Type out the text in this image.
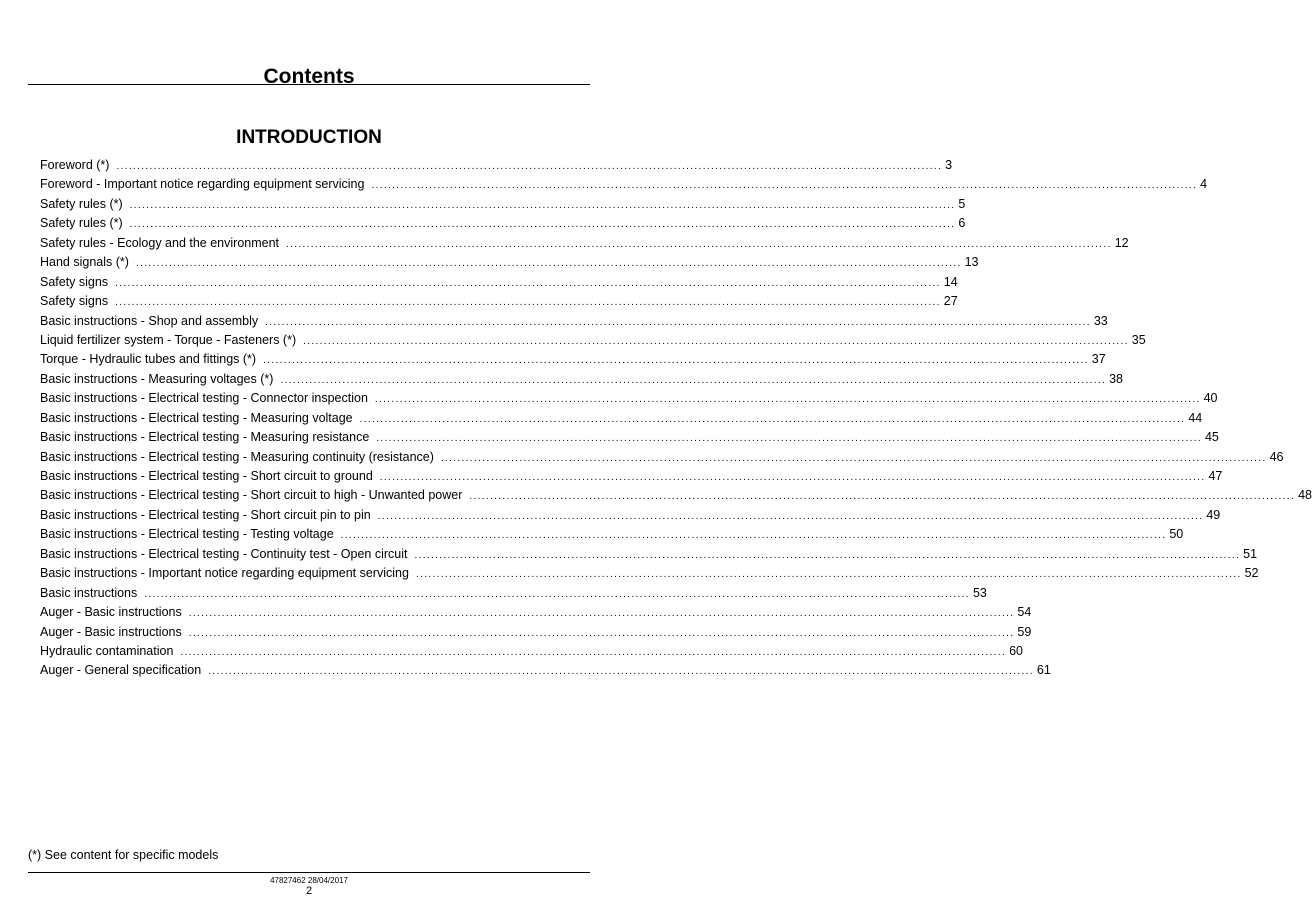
Contents
INTRODUCTION
Foreword (*) ........................................................................................................................................................................................................ 3
Foreword - Important notice regarding equipment servicing ........................................................................................................................................................................................................ 4
Safety rules (*) ........................................................................................................................................................................................................ 5
Safety rules (*) ........................................................................................................................................................................................................ 6
Safety rules - Ecology and the environment ........................................................................................................................................................................................................ 12
Hand signals (*) ........................................................................................................................................................................................................ 13
Safety signs ........................................................................................................................................................................................................ 14
Safety signs ........................................................................................................................................................................................................ 27
Basic instructions - Shop and assembly ........................................................................................................................................................................................................ 33
Liquid fertilizer system - Torque - Fasteners (*) ........................................................................................................................................................................................................ 35
Torque - Hydraulic tubes and fittings (*) ........................................................................................................................................................................................................ 37
Basic instructions - Measuring voltages (*) ........................................................................................................................................................................................................ 38
Basic instructions - Electrical testing - Connector inspection ........................................................................................................................................................................................................ 40
Basic instructions - Electrical testing - Measuring voltage ........................................................................................................................................................................................................ 44
Basic instructions - Electrical testing - Measuring resistance ........................................................................................................................................................................................................ 45
Basic instructions - Electrical testing - Measuring continuity (resistance) ........................................................................................................................................................................................................ 46
Basic instructions - Electrical testing - Short circuit to ground ........................................................................................................................................................................................................ 47
Basic instructions - Electrical testing - Short circuit to high - Unwanted power ........................................................................................................................................................................................................ 48
Basic instructions - Electrical testing - Short circuit pin to pin ........................................................................................................................................................................................................ 49
Basic instructions - Electrical testing - Testing voltage ........................................................................................................................................................................................................ 50
Basic instructions - Electrical testing - Continuity test - Open circuit ........................................................................................................................................................................................................ 51
Basic instructions - Important notice regarding equipment servicing ........................................................................................................................................................................................................ 52
Basic instructions ........................................................................................................................................................................................................ 53
Auger - Basic instructions ........................................................................................................................................................................................................ 54
Auger - Basic instructions ........................................................................................................................................................................................................ 59
Hydraulic contamination ........................................................................................................................................................................................................ 60
Auger - General specification ........................................................................................................................................................................................................ 61
(*) See content for specific models
47827462 28/04/2017
2
